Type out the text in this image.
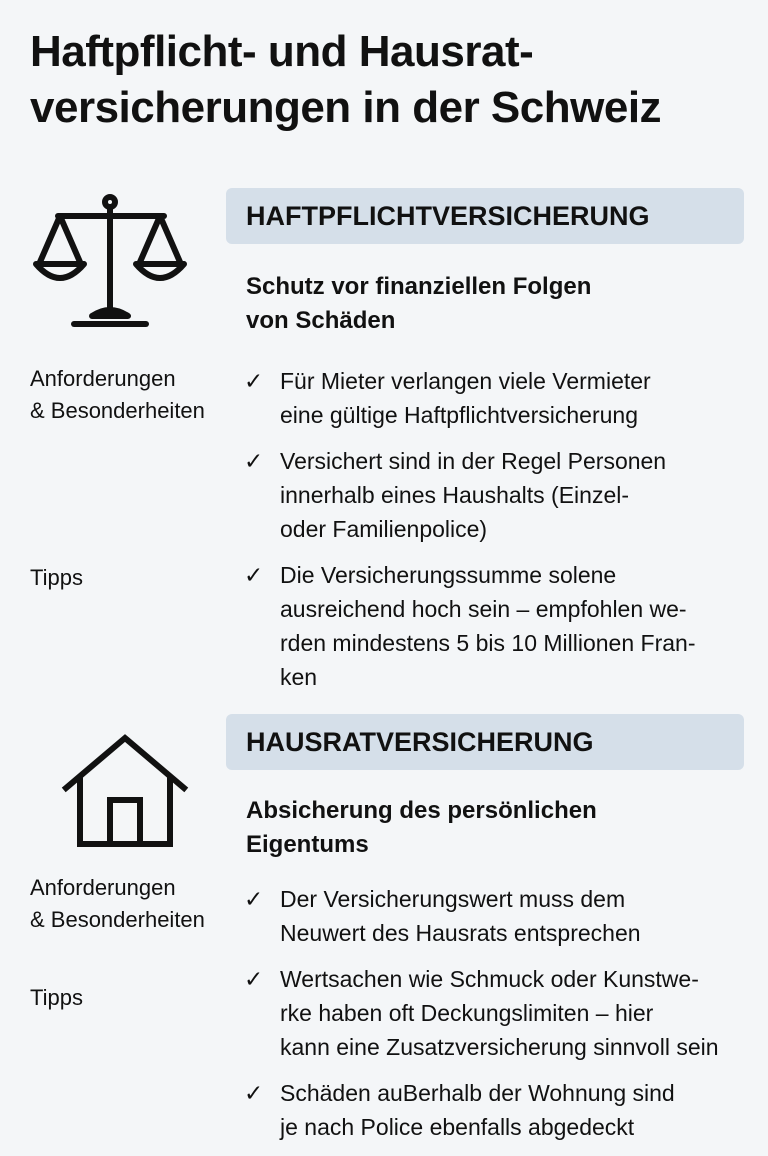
Haftpflicht- und Hausrat-
versicherungen in der Schweiz
HAFTPFLICHTVERSICHERUNG
Schutz vor finanziellen Folgen
von Schäden
Anforderungen
& Besonderheiten
Tipps
✓ Für Mieter verlangen viele Vermieter
eine gültige Haftpflichtversicherung
✓ Versichert sind in der Regel Personen
innerhalb eines Haushalts (Einzel-
oder Familienpolice)
✓ Die Versicherungssumme solene
ausreichend hoch sein – empfohlen we-
rden mindestens 5 bis 10 Millionen Fran-
ken
HAUSRATVERSICHERUNG
Absicherung des persönlichen
Eigentums
Anforderungen
& Besonderheiten
Tipps
✓ Der Versicherungswert muss dem
Neuwert des Hausrats entsprechen
✓ Wertsachen wie Schmuck oder Kunstwe-
rke haben oft Deckungslimiten – hier
kann eine Zusatzversicherung sinnvoll sein
✓ Schäden auBerhalb der Wohnung sind
je nach Police ebenfalls abgedeckt
